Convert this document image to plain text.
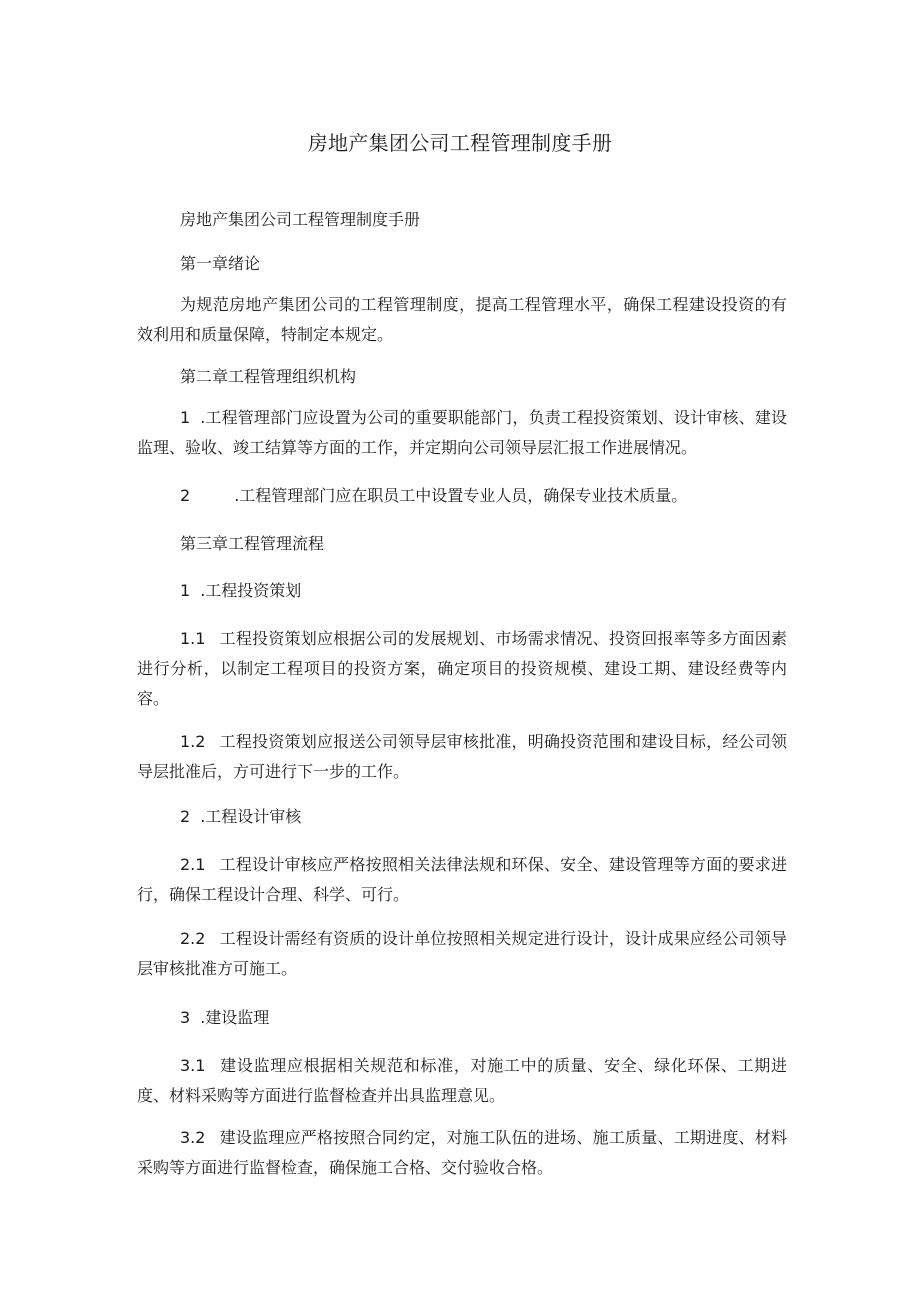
房地产集团公司工程管理制度手册

房地产集团公司工程管理制度手册

第一章绪论

为规范房地产集团公司的工程管理制度，提高工程管理水平，确保工程建设投资的有效利用和质量保障，特制定本规定。

第二章工程管理组织机构

1 .工程管理部门应设置为公司的重要职能部门，负责工程投资策划、设计审核、建设监理、验收、竣工结算等方面的工作，并定期向公司领导层汇报工作进展情况。

2	.工程管理部门应在职员工中设置专业人员，确保专业技术质量。

第三章工程管理流程

1 .工程投资策划

1.1 工程投资策划应根据公司的发展规划、市场需求情况、投资回报率等多方面因素进行分析，以制定工程项目的投资方案，确定项目的投资规模、建设工期、建设经费等内容。

1.2 工程投资策划应报送公司领导层审核批准，明确投资范围和建设目标，经公司领导层批准后，方可进行下一步的工作。

2 .工程设计审核

2.1 工程设计审核应严格按照相关法律法规和环保、安全、建设管理等方面的要求进行，确保工程设计合理、科学、可行。

2.2 工程设计需经有资质的设计单位按照相关规定进行设计，设计成果应经公司领导层审核批准方可施工。

3 .建设监理

3.1 建设监理应根据相关规范和标准，对施工中的质量、安全、绿化环保、工期进度、材料采购等方面进行监督检查并出具监理意见。

3.2 建设监理应严格按照合同约定，对施工队伍的进场、施工质量、工期进度、材料采购等方面进行监督检查，确保施工合格、交付验收合格。
